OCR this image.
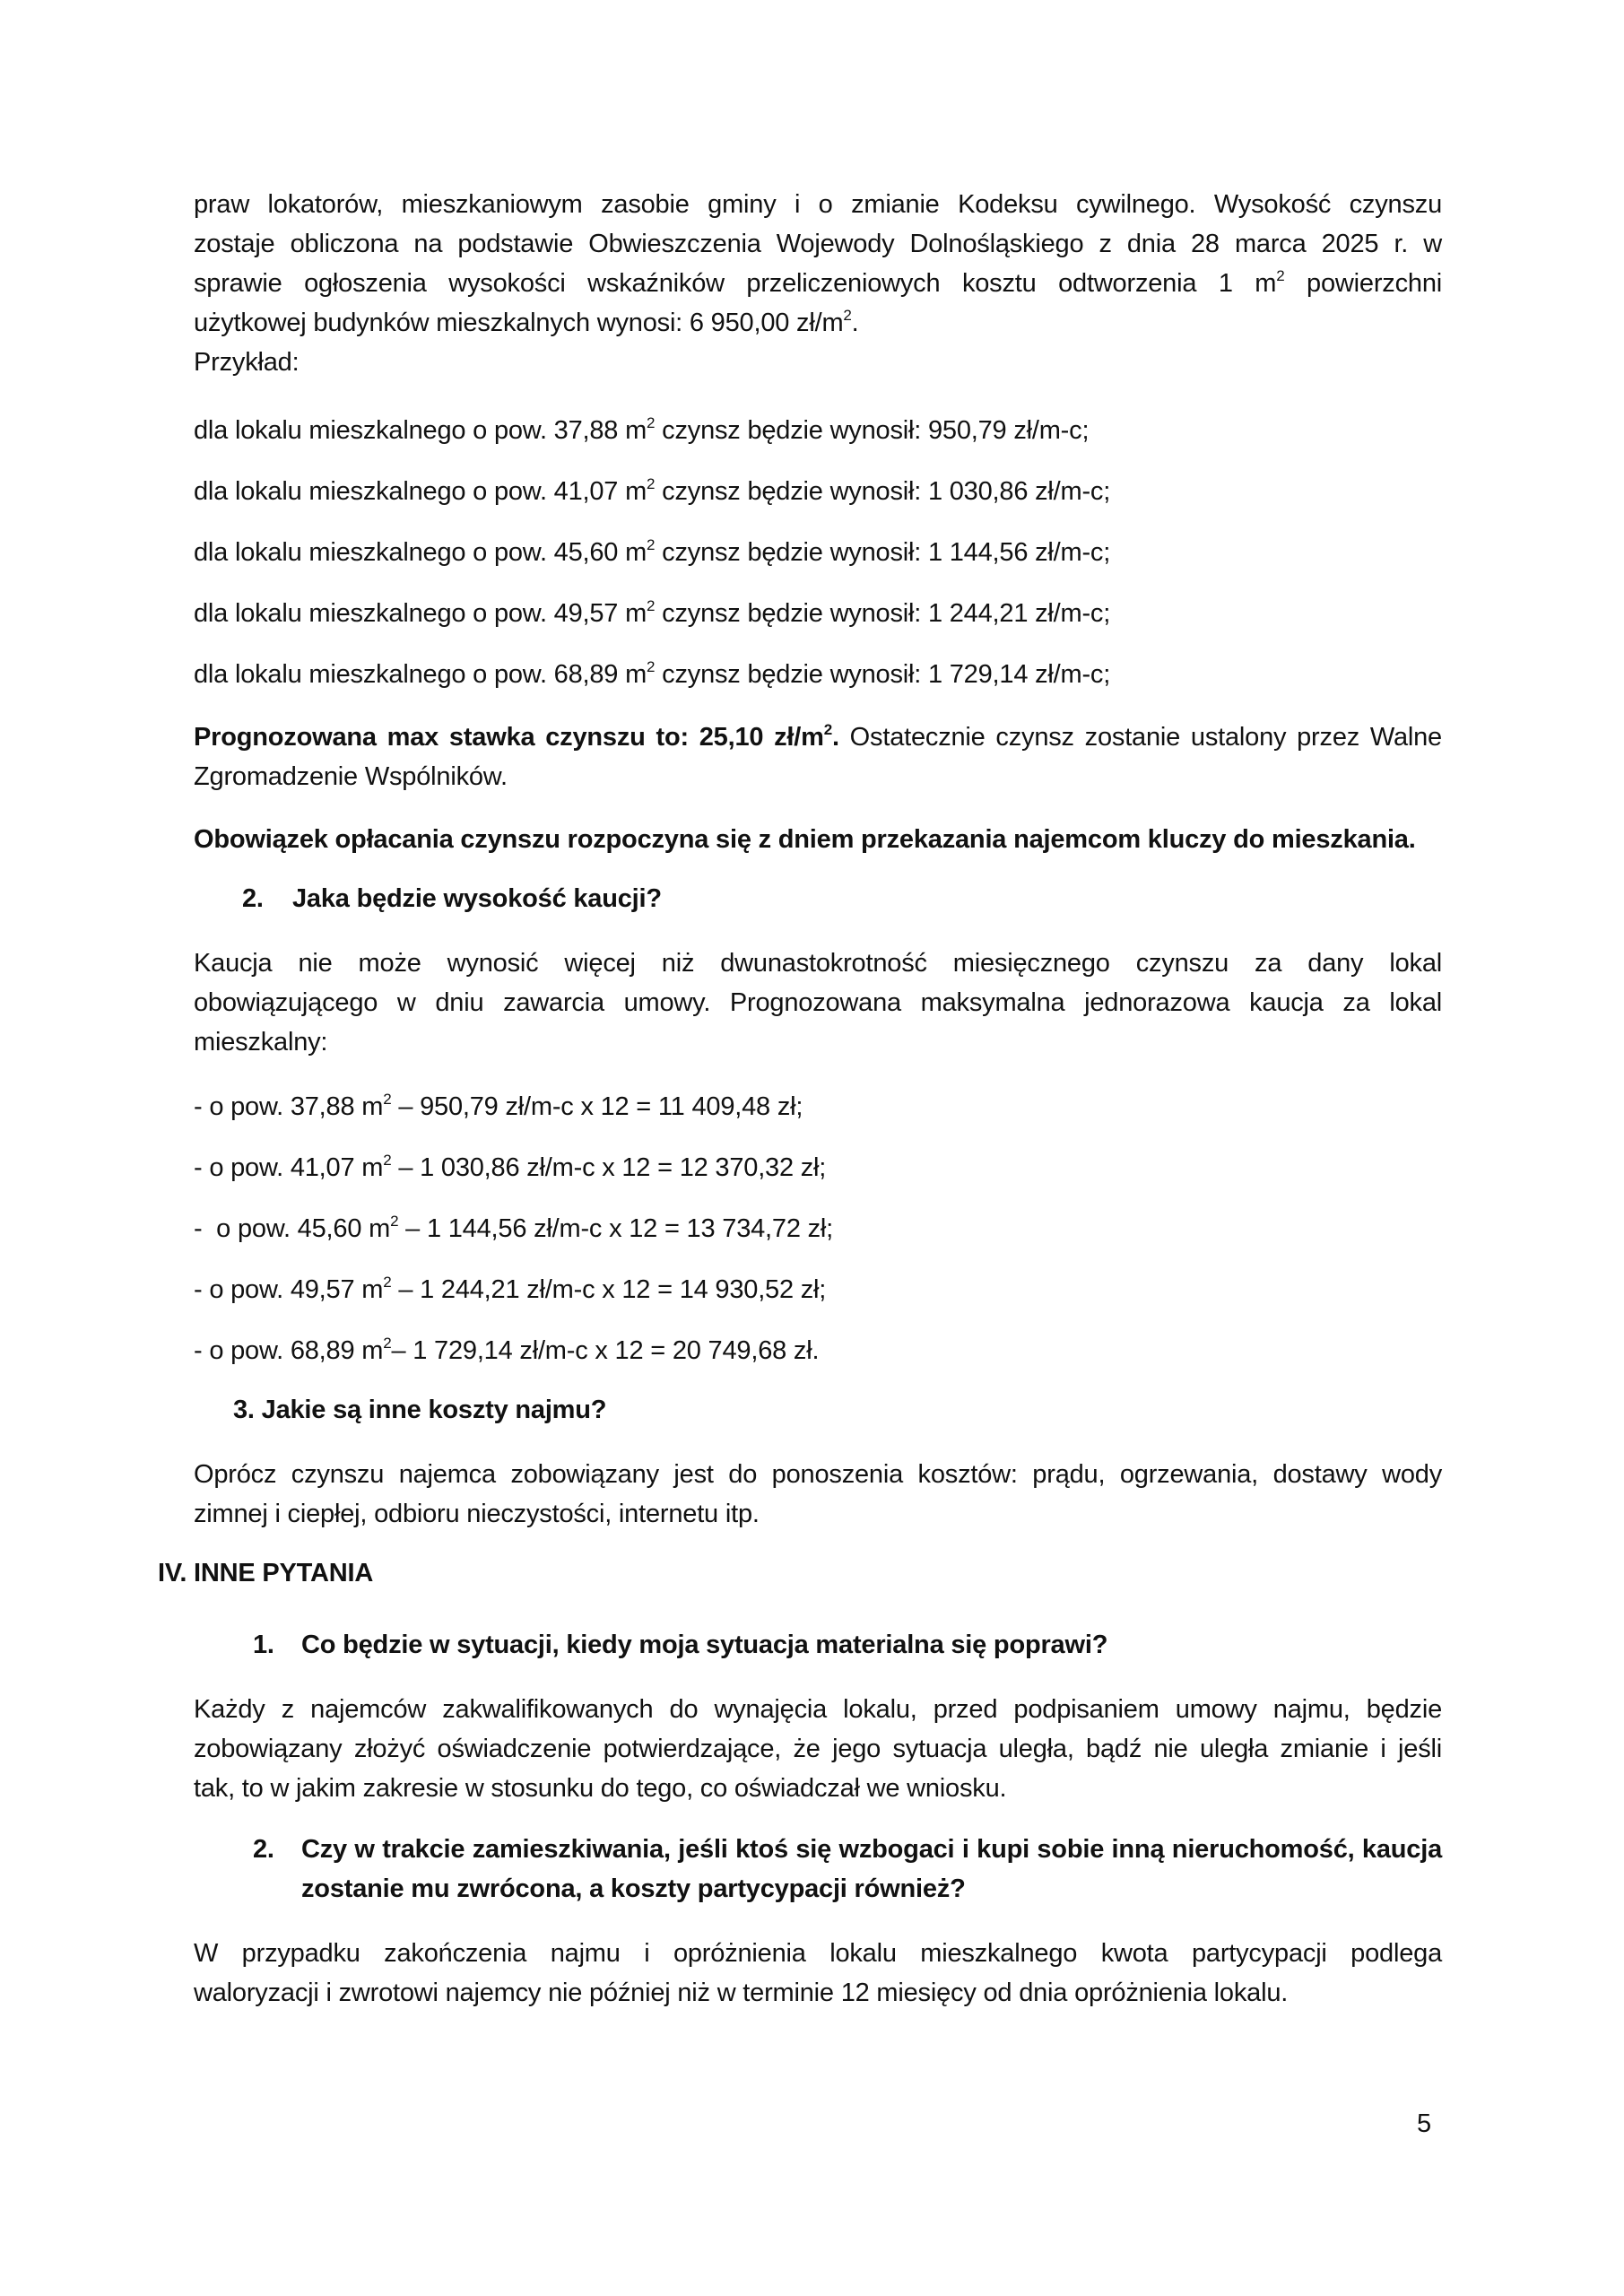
praw lokatorów, mieszkaniowym zasobie gminy i o zmianie Kodeksu cywilnego. Wysokość czynszu
zostaje obliczona na podstawie Obwieszczenia Wojewody Dolnośląskiego z dnia 28 marca 2025 r. w
sprawie ogłoszenia wysokości wskaźników przeliczeniowych kosztu odtworzenia 1 $m^2$ powierzchni
użytkowej budynków mieszkalnych wynosi: 6 950,00 $zł/m^2$.
Przykład:
dla lokalu mieszkalnego o pow. 37,88 $m^2$ czynsz będzie wynosił: 950,79 zł/m-c;
dla lokalu mieszkalnego o pow. 41,07 $m^2$ czynsz będzie wynosił: 1 030,86 zł/m-c;
dla lokalu mieszkalnego o pow. 45,60 $m^2$ czynsz będzie wynosił: 1 144,56 zł/m-c;
dla lokalu mieszkalnego o pow. 49,57 $m^2$ czynsz będzie wynosił: 1 244,21 zł/m-c;
dla lokalu mieszkalnego o pow. 68,89 $m^2$ czynsz będzie wynosił: 1 729,14 zł/m-c;
Prognozowana max stawka czynszu to: 25,10 $zł/m^2$. Ostatecznie czynsz zostanie ustalony przez Walne
Zgromadzenie Wspólników.
Obowiązek opłacania czynszu rozpoczyna się z dniem przekazania najemcom kluczy do mieszkania.
2. Jaka będzie wysokość kaucji?
Kaucja nie może wynosić więcej niż dwunastokrotność miesięcznego czynszu za dany lokal
obowiązującego w dniu zawarcia umowy. Prognozowana maksymalna jednorazowa kaucja za lokal
mieszkalny:
- o pow. 37,88 $m^2 - 950,79$ zł/m-c x 12 = 11 409,48 zł;
- o pow. 41,07 $m^2 - 1$ 030,86 zł/m-c x 12 = 12 370,32 zł;
-  o pow. 45,60 $m^2 - 1$ 144,56 zł/m-c x 12 = 13 734,72 zł;
- o pow. 49,57 $m^2 - 1$ 244,21 zł/m-c x 12 = 14 930,52 zł;
- o pow. 68,89 $m^2-$ 1 729,14 zł/m-c x 12 = 20 749,68 zł.
3. Jakie są inne koszty najmu?
Oprócz czynszu najemca zobowiązany jest do ponoszenia kosztów: prądu, ogrzewania, dostawy wody
zimnej i ciepłej, odbioru nieczystości, internetu itp.
IV. INNE PYTANIA
1. Co będzie w sytuacji, kiedy moja sytuacja materialna się poprawi?
Każdy z najemców zakwalifikowanych do wynajęcia lokalu, przed podpisaniem umowy najmu, będzie
zobowiązany złożyć oświadczenie potwierdzające, że jego sytuacja uległa, bądź nie uległa zmianie i jeśli
tak, to w jakim zakresie w stosunku do tego, co oświadczał we wniosku.
2. Czy w trakcie zamieszkiwania, jeśli ktoś się wzbogaci i kupi sobie inną nieruchomość, kaucja
zostanie mu zwrócona, a koszty partycypacji również?
W przypadku zakończenia najmu i opróżnienia lokalu mieszkalnego kwota partycypacji podlega
waloryzacji i zwrotowi najemcy nie później niż w terminie 12 miesięcy od dnia opróżnienia lokalu.
5
